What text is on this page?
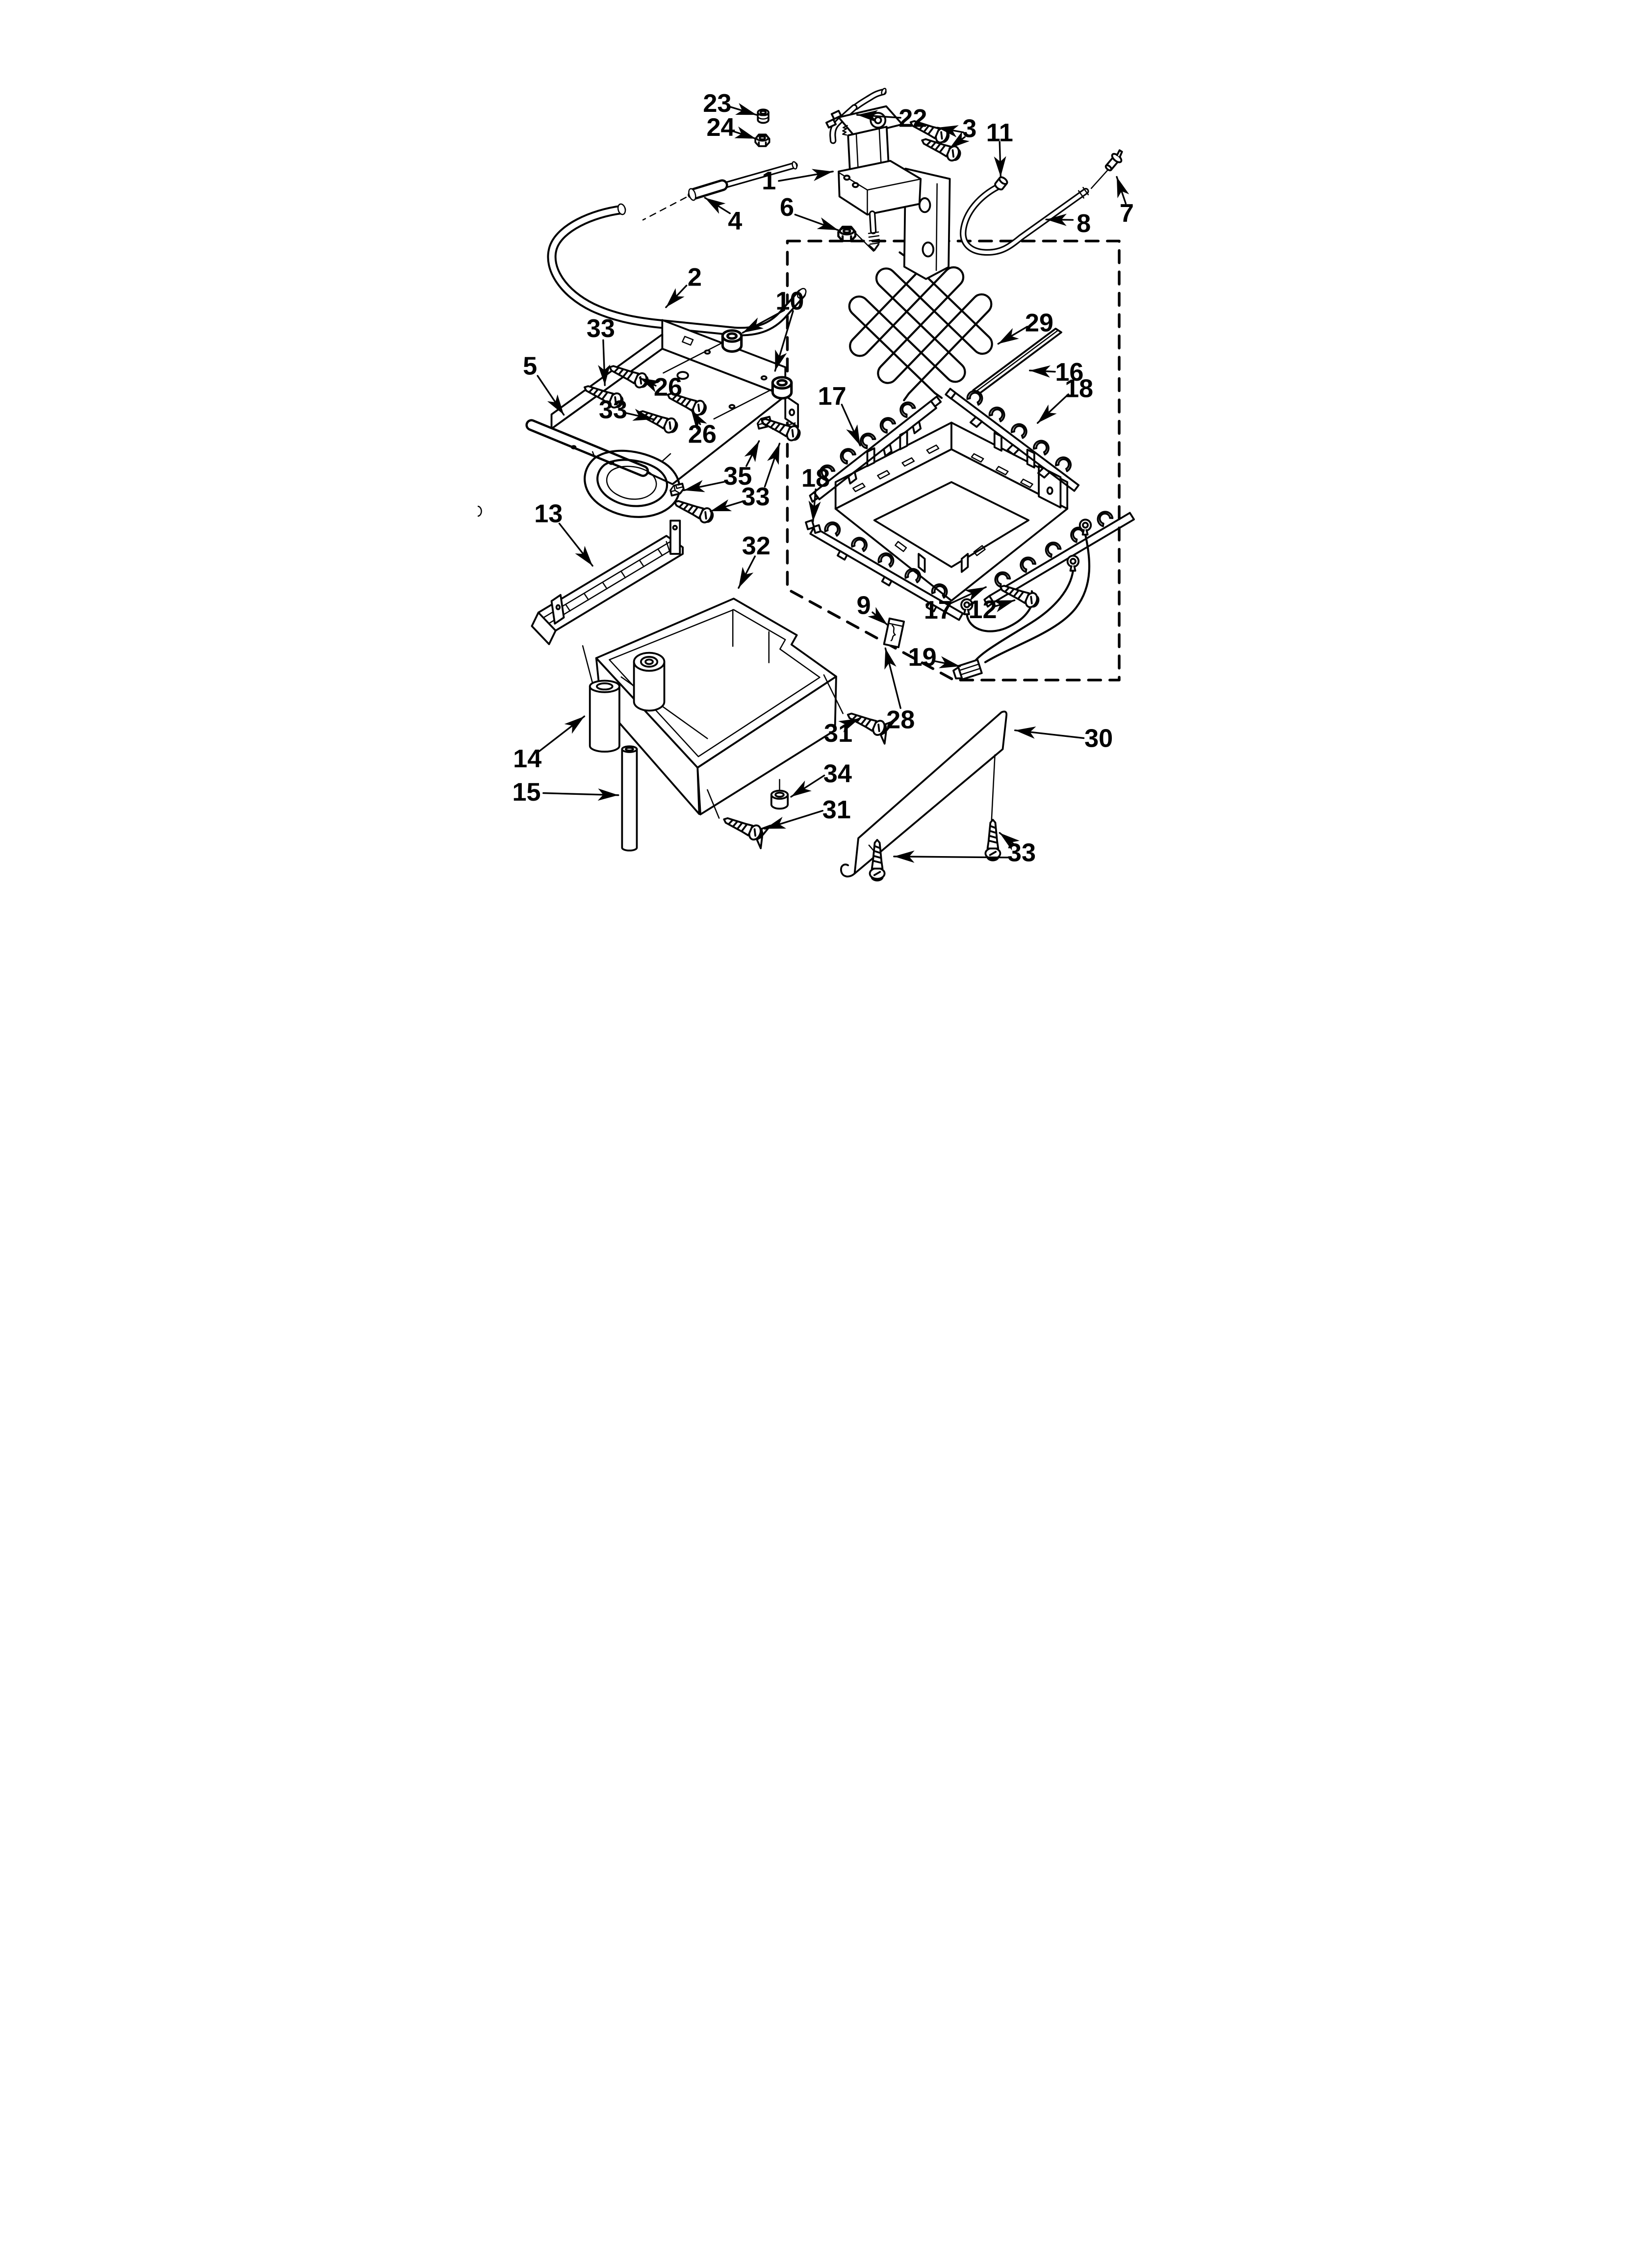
23
24	22 3 11
1
6
8 7
4
2
29
16
10
33
5
26
33
26
17	18
35
33
18
13
32
9 17 12
19
28
31
34
31
30
33
14
15
